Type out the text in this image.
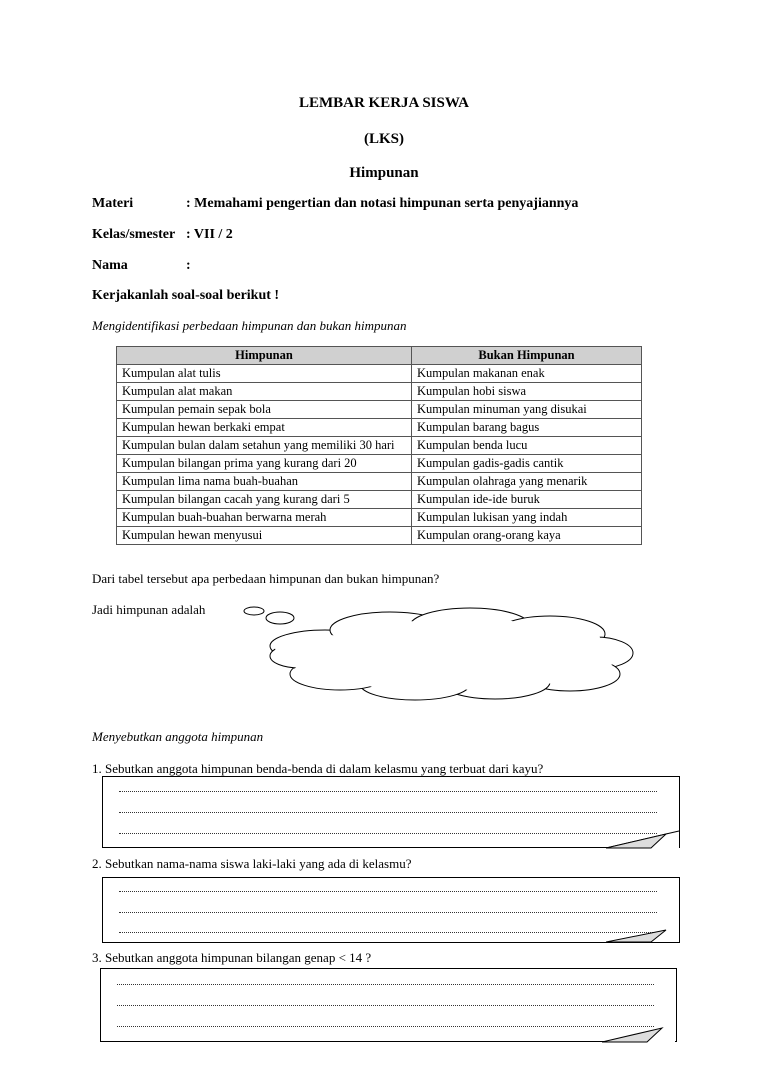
LEMBAR KERJA SISWA
(LKS)
Himpunan
Materi	: Memahami pengertian dan notasi himpunan serta penyajiannya
Kelas/smester : VII / 2
Nama	:
Kerjakanlah soal-soal berikut !
Mengidentifikasi perbedaan himpunan dan bukan himpunan
Himpunan	Bukan Himpunan
Kumpulan alat tulis	Kumpulan makanan enak
Kumpulan alat makan	Kumpulan hobi siswa
Kumpulan pemain sepak bola	Kumpulan minuman yang disukai
Kumpulan hewan berkaki empat	Kumpulan barang bagus
Kumpulan bulan dalam setahun yang memiliki 30 hari	Kumpulan benda lucu
Kumpulan bilangan prima yang kurang dari 20	Kumpulan gadis-gadis cantik
Kumpulan lima nama buah-buahan	Kumpulan olahraga yang menarik
Kumpulan bilangan cacah yang kurang dari 5	Kumpulan ide-ide buruk
Kumpulan buah-buahan berwarna merah	Kumpulan lukisan yang indah
Kumpulan hewan menyusui	Kumpulan orang-orang kaya
Dari tabel tersebut apa perbedaan himpunan dan bukan himpunan?
Jadi himpunan adalah
Menyebutkan anggota himpunan
1. Sebutkan anggota himpunan benda-benda di dalam kelasmu yang terbuat dari kayu?
2. Sebutkan nama-nama siswa laki-laki yang ada di kelasmu?
3. Sebutkan anggota himpunan bilangan genap < 14 ?
